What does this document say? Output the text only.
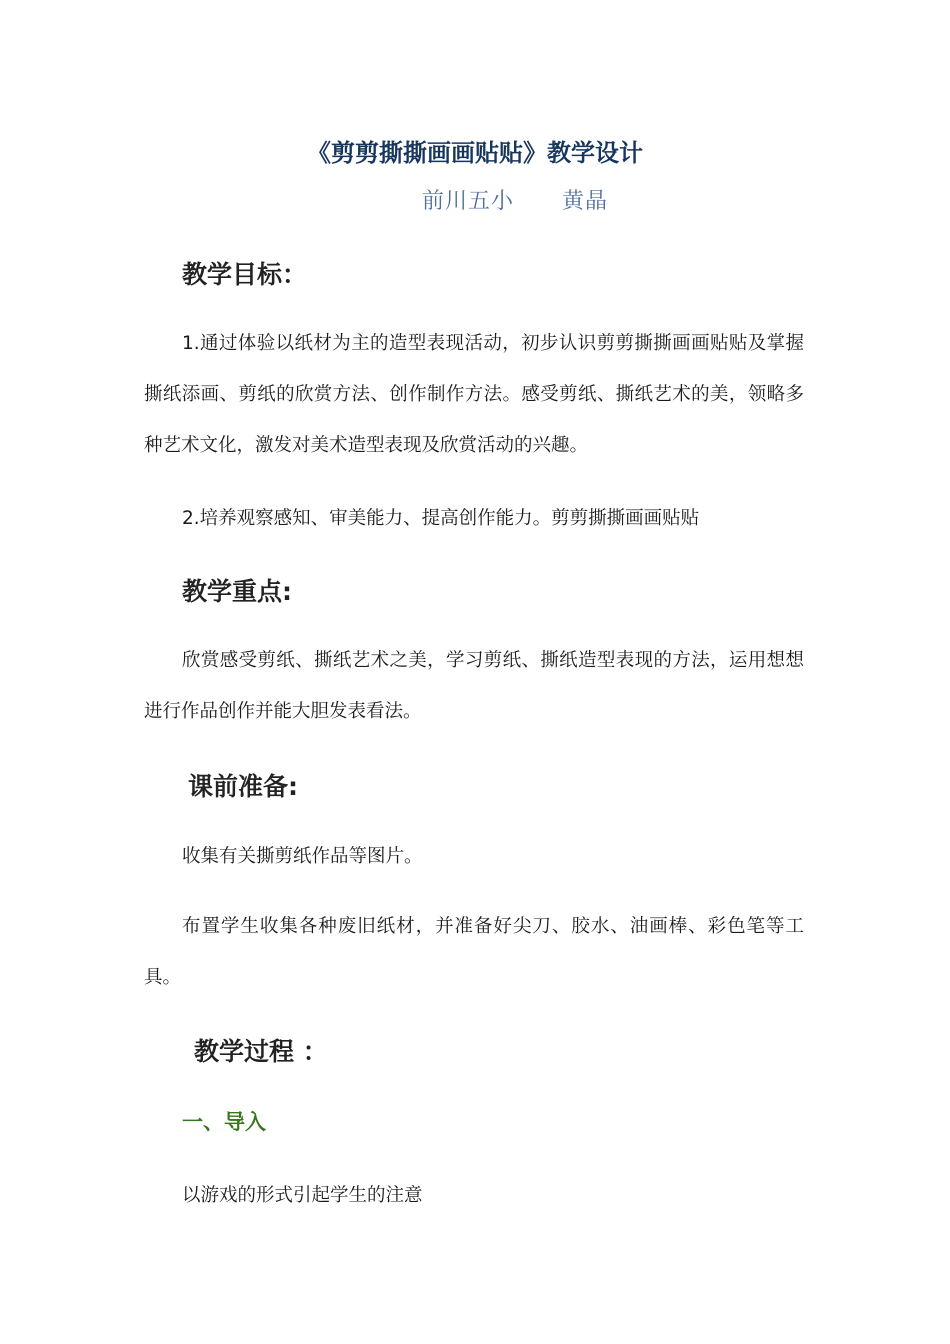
《剪剪撕撕画画贴贴》教学设计
前川五小 黄晶
教学目标：

1.通过体验以纸材为主的造型表现活动，初步认识剪剪撕撕画画贴贴及掌握撕纸添画、剪纸的欣赏方法、创作制作方法。感受剪纸、撕纸艺术的美，领略多种艺术文化，激发对美术造型表现及欣赏活动的兴趣。

2.培养观察感知、审美能力、提高创作能力。剪剪撕撕画画贴贴

教学重点:

欣赏感受剪纸、撕纸艺术之美，学习剪纸、撕纸造型表现的方法，运用想想进行作品创作并能大胆发表看法。

课前准备:

收集有关撕剪纸作品等图片。

布置学生收集各种废旧纸材，并准备好尖刀、胶水、油画棒、彩色笔等工具。

教学过程 ：
一、导入

以游戏的形式引起学生的注意
